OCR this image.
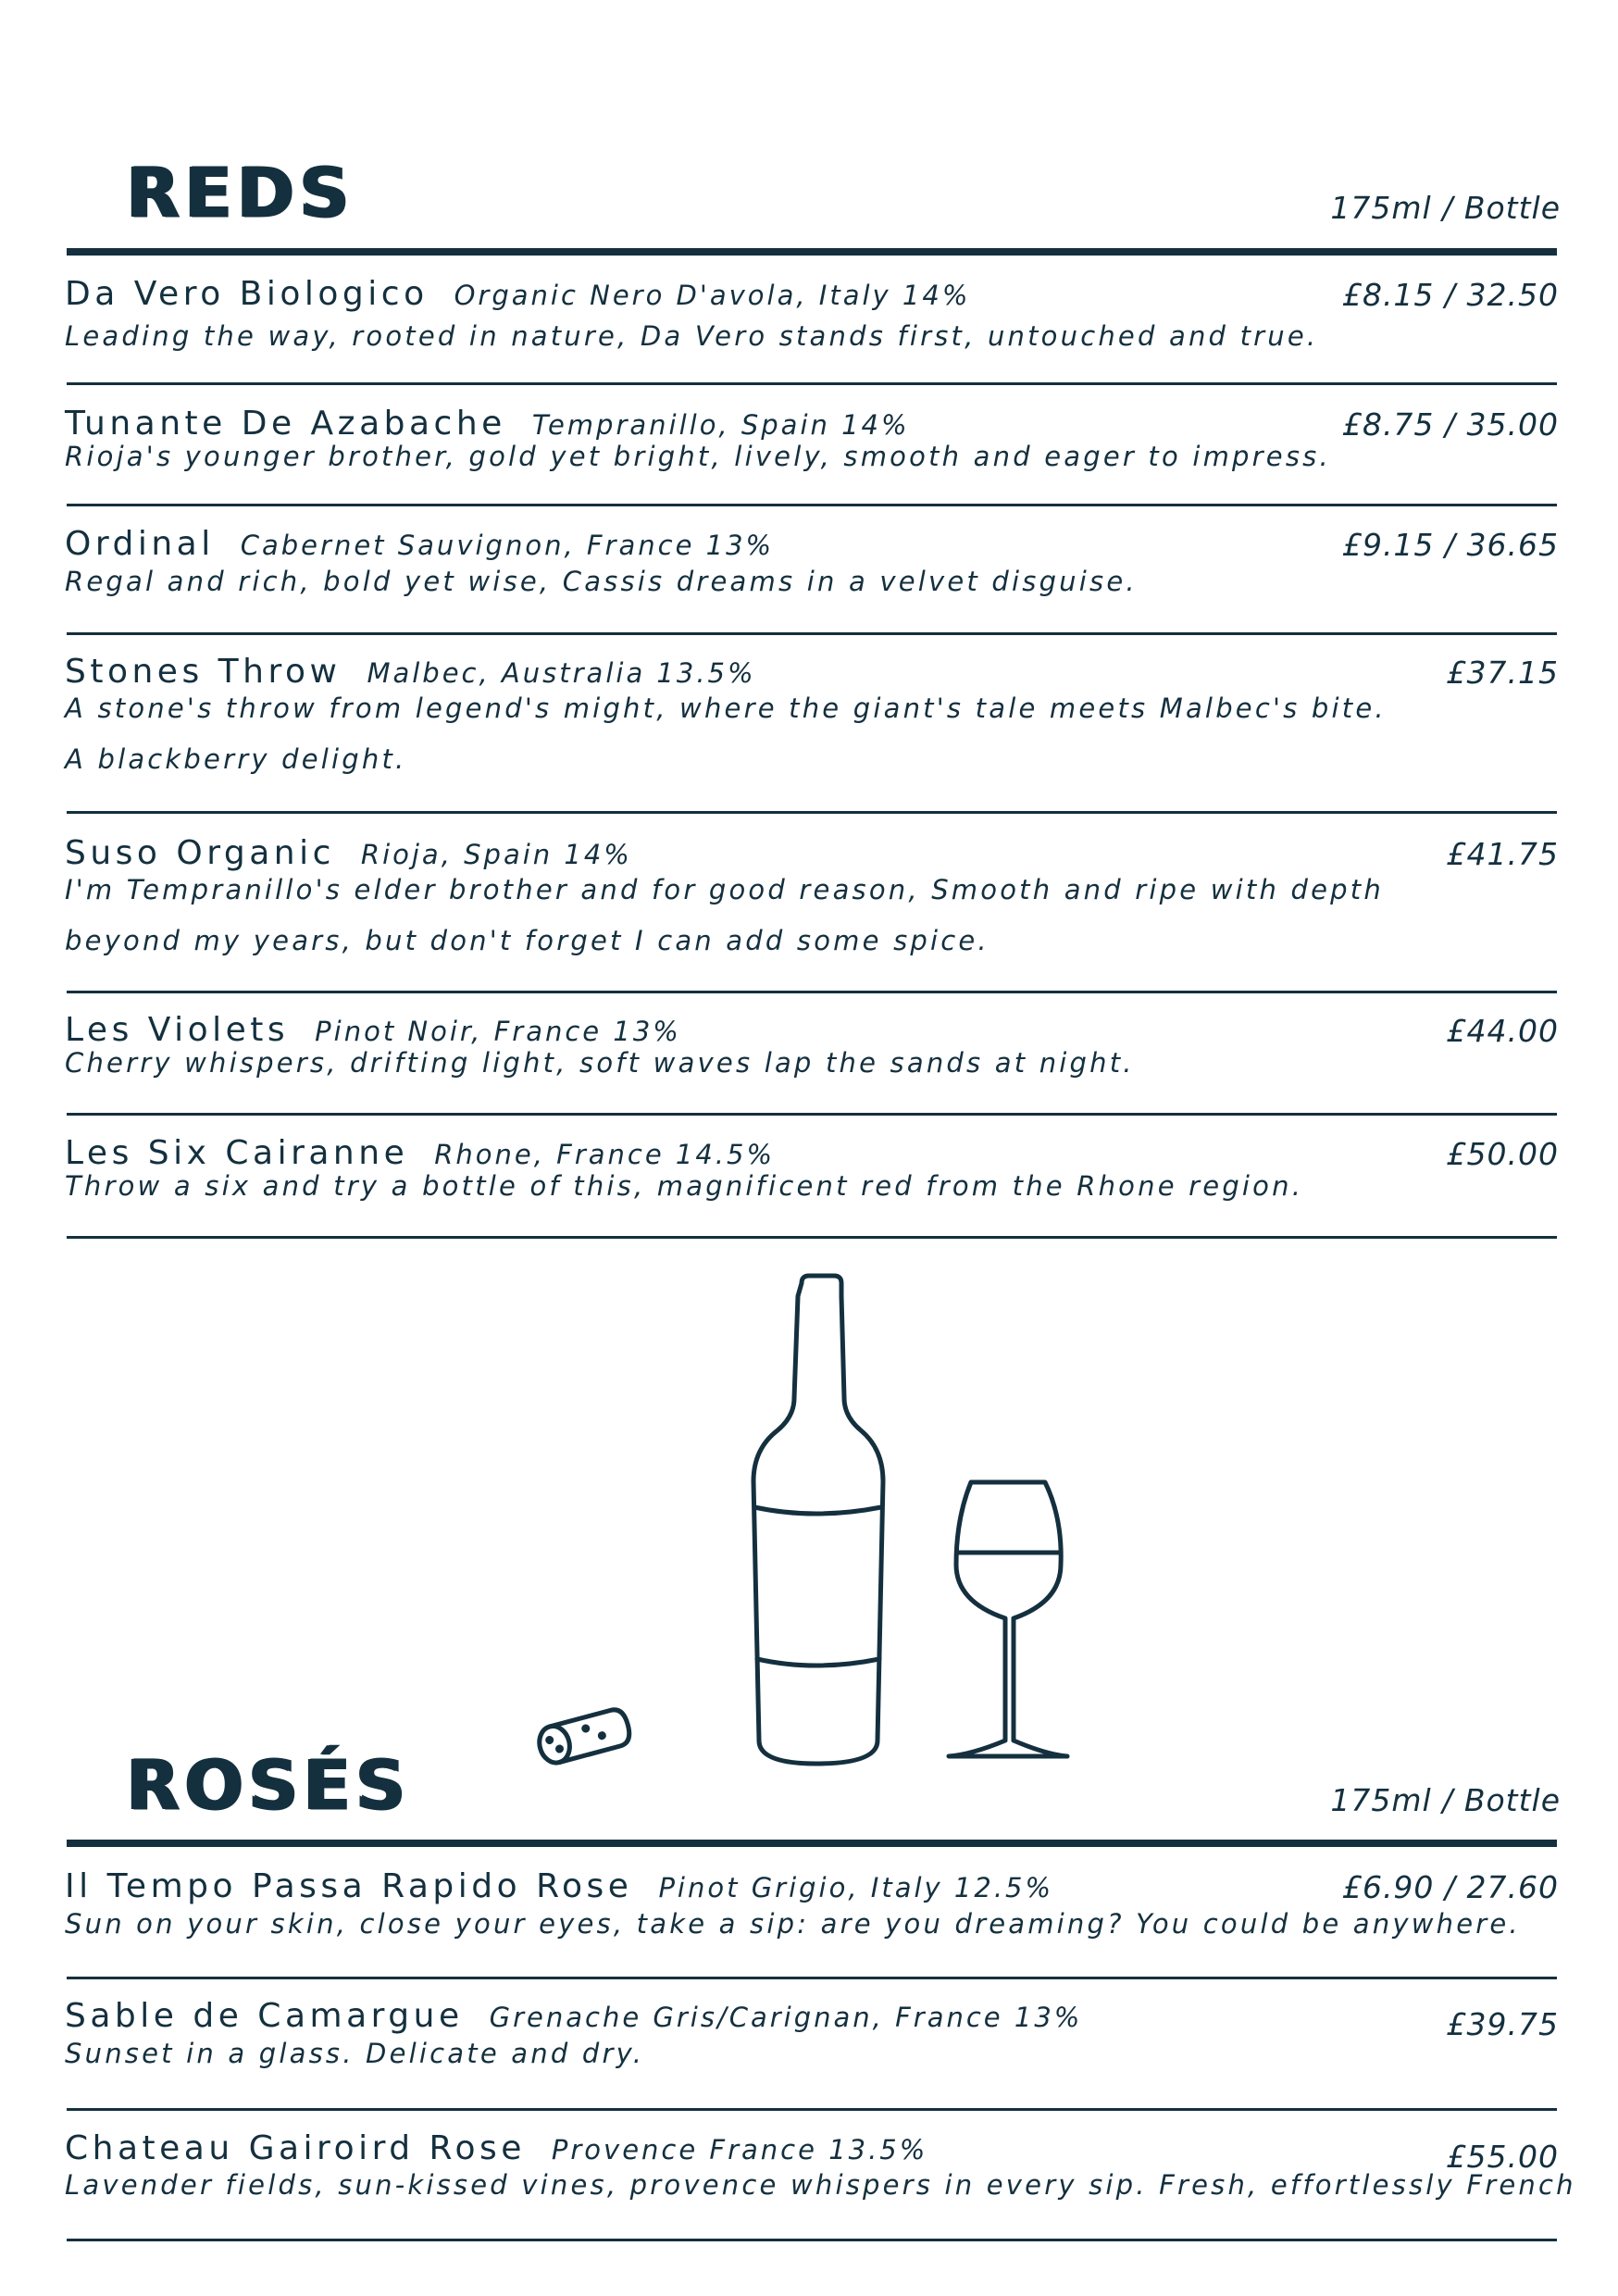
REDS	175ml / Bottle
Da Vero Biologico Organic Nero D'avola, Italy 14%	£8.15 / 32.50
Leading the way, rooted in nature, Da Vero stands first, untouched and true.
Tunante De Azabache Tempranillo, Spain 14%	£8.75 / 35.00
Rioja's younger brother, gold yet bright, lively, smooth and eager to impress.
Ordinal Cabernet Sauvignon, France 13%	£9.15 / 36.65
Regal and rich, bold yet wise, Cassis dreams in a velvet disguise.
Stones Throw Malbec, Australia 13.5%	£37.15
A stone's throw from legend's might, where the giant's tale meets Malbec's bite.
A blackberry delight.
Suso Organic Rioja, Spain 14%	£41.75
I'm Tempranillo's elder brother and for good reason, Smooth and ripe with depth
beyond my years, but don't forget I can add some spice.
Les Violets Pinot Noir, France 13%	£44.00
Cherry whispers, drifting light, soft waves lap the sands at night.
Les Six Cairanne Rhone, France 14.5%	£50.00
Throw a six and try a bottle of this, magnificent red from the Rhone region.
ROSÉS	175ml / Bottle
Il Tempo Passa Rapido Rose Pinot Grigio, Italy 12.5%	£6.90 / 27.60
Sun on your skin, close your eyes, take a sip: are you dreaming? You could be anywhere.
Sable de Camargue Grenache Gris/Carignan, France 13%	£39.75
Sunset in a glass. Delicate and dry.
Chateau Gairoird Rose Provence France 13.5%	£55.00
Lavender fields, sun-kissed vines, provence whispers in every sip. Fresh, effortlessly French
